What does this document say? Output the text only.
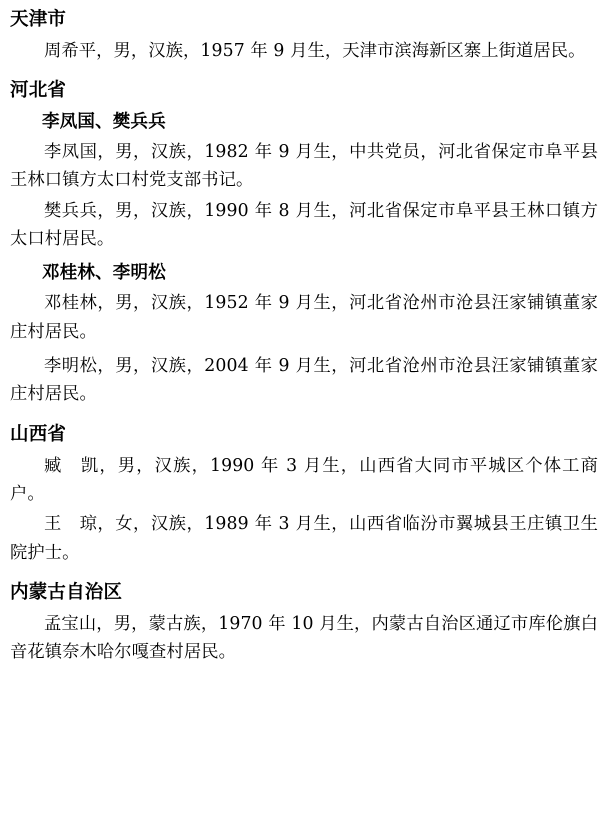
天津市

周希平，男，汉族，1957 年 9 月生，天津市滨海新区寨上街道居民。

河北省
李凤国、樊兵兵

李凤国，男，汉族，1982 年 9 月生，中共党员，河北省保定市阜平县王林口镇方太口村党支部书记。

樊兵兵，男，汉族，1990 年 8 月生，河北省保定市阜平县王林口镇方太口村居民。

邓桂林、李明松

邓桂林，男，汉族，1952 年 9 月生，河北省沧州市沧县汪家铺镇董家庄村居民。

李明松，男，汉族，2004 年 9 月生，河北省沧州市沧县汪家铺镇董家庄村居民。

山西省

臧　凯，男，汉族，1990 年 3 月生，山西省大同市平城区个体工商户。

王　琼，女，汉族，1989 年 3 月生，山西省临汾市翼城县王庄镇卫生院护士。

内蒙古自治区

孟宝山，男，蒙古族，1970 年 10 月生，内蒙古自治区通辽市库伦旗白音花镇奈木哈尔嘎查村居民。
